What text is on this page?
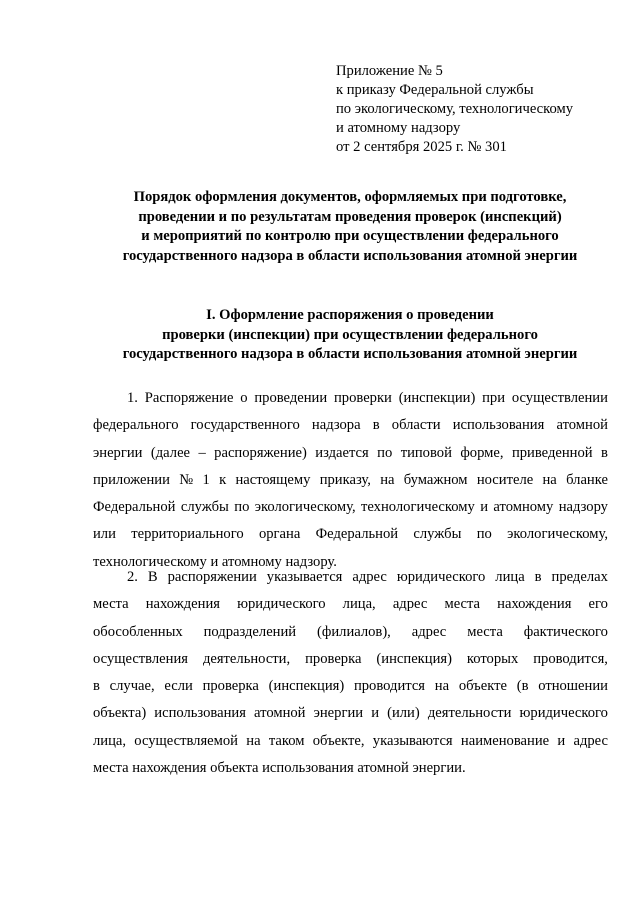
Приложение № 5
к приказу Федеральной службы
по экологическому, технологическому
и атомному надзору
от 2 сентября 2025 г. № 301
Порядок оформления документов, оформляемых при подготовке,
проведении и по результатам проведения проверок (инспекций)
и мероприятий по контролю при осуществлении федерального
государственного надзора в области использования атомной энергии
I. Оформление распоряжения о проведении
проверки (инспекции) при осуществлении федерального
государственного надзора в области использования атомной энергии
1. Распоряжение о проведении проверки (инспекции) при осуществлении
федерального государственного надзора в области использования атомной
энергии (далее – распоряжение) издается по типовой форме, приведенной в
приложении № 1 к настоящему приказу, на бумажном носителе на бланке
Федеральной службы по экологическому, технологическому и атомному надзору
или территориального органа Федеральной службы по экологическому,
технологическому и атомному надзору.
2. В распоряжении указывается адрес юридического лица в пределах
места нахождения юридического лица, адрес места нахождения его
обособленных подразделений (филиалов), адрес места фактического
осуществления деятельности, проверка (инспекция) которых проводится,
в случае, если проверка (инспекция) проводится на объекте (в отношении
объекта) использования атомной энергии и (или) деятельности юридического
лица, осуществляемой на таком объекте, указываются наименование и адрес
места нахождения объекта использования атомной энергии.
